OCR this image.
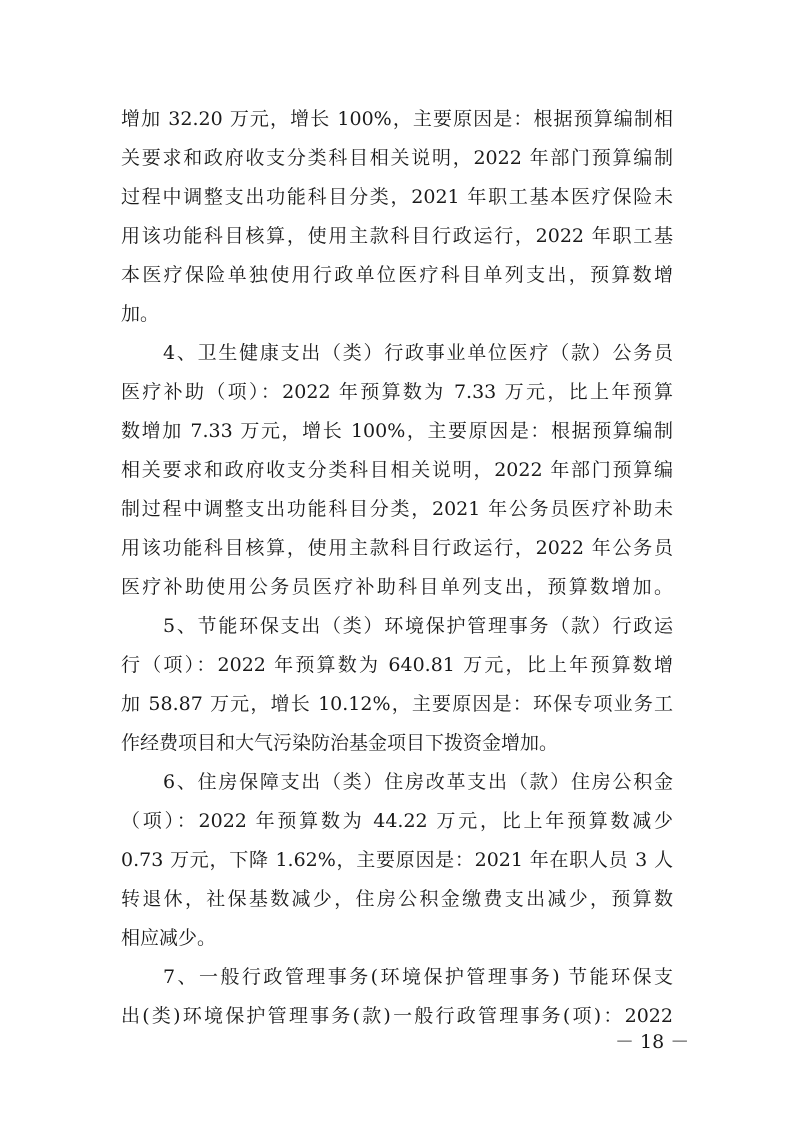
增加 32.20 万元，增长 100%，主要原因是：根据预算编制相
关要求和政府收支分类科目相关说明，2022 年部门预算编制
过程中调整支出功能科目分类，2021 年职工基本医疗保险未
用该功能科目核算，使用主款科目行政运行，2022 年职工基
本医疗保险单独使用行政单位医疗科目单列支出，预算数增
加。
4、卫生健康支出（类）行政事业单位医疗（款）公务员
医疗补助（项）：2022 年预算数为 7.33 万元，比上年预算
数增加 7.33 万元，增长 100%，主要原因是：根据预算编制
相关要求和政府收支分类科目相关说明，2022 年部门预算编
制过程中调整支出功能科目分类，2021 年公务员医疗补助未
用该功能科目核算，使用主款科目行政运行，2022 年公务员
医疗补助使用公务员医疗补助科目单列支出，预算数增加。
5、节能环保支出（类）环境保护管理事务（款）行政运
行（项）：2022 年预算数为 640.81 万元，比上年预算数增
加 58.87 万元，增长 10.12%，主要原因是：环保专项业务工
作经费项目和大气污染防治基金项目下拨资金增加。
6、住房保障支出（类）住房改革支出（款）住房公积金
（项）：2022 年预算数为 44.22 万元，比上年预算数减少
0.73 万元，下降 1.62%，主要原因是：2021 年在职人员 3 人
转退休，社保基数减少，住房公积金缴费支出减少，预算数
相应减少。
7、一般行政管理事务(环境保护管理事务) 节能环保支
出(类)环境保护管理事务(款)一般行政管理事务(项)：2022
－ 18 －
